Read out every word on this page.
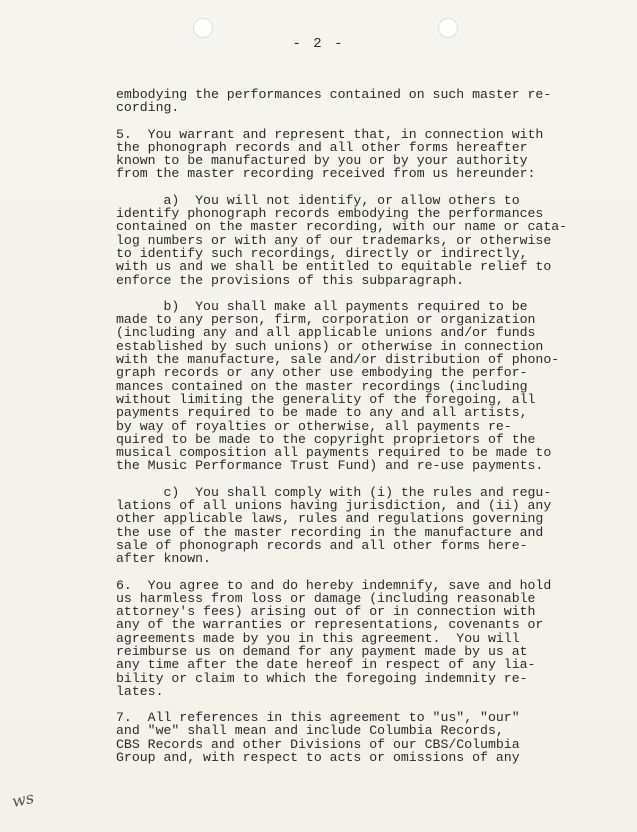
- 2 -
embodying the performances contained on such master re-
cording.
5.  You warrant and represent that, in connection with
the phonograph records and all other forms hereafter
known to be manufactured by you or by your authority
from the master recording received from us hereunder:
a)  You will not identify, or allow others to
identify phonograph records embodying the performances
contained on the master recording, with our name or cata-
log numbers or with any of our trademarks, or otherwise
to identify such recordings, directly or indirectly,
with us and we shall be entitled to equitable relief to
enforce the provisions of this subparagraph.
b)  You shall make all payments required to be
made to any person, firm, corporation or organization
(including any and all applicable unions and/or funds
established by such unions) or otherwise in connection
with the manufacture, sale and/or distribution of phono-
graph records or any other use embodying the perfor-
mances contained on the master recordings (including
without limiting the generality of the foregoing, all
payments required to be made to any and all artists,
by way of royalties or otherwise, all payments re-
quired to be made to the copyright proprietors of the
musical composition all payments required to be made to
the Music Performance Trust Fund) and re-use payments.
c)  You shall comply with (i) the rules and regu-
lations of all unions having jurisdiction, and (ii) any
other applicable laws, rules and regulations governing
the use of the master recording in the manufacture and
sale of phonograph records and all other forms here-
after known.
6.  You agree to and do hereby indemnify, save and hold
us harmless from loss or damage (including reasonable
attorney's fees) arising out of or in connection with
any of the warranties or representations, covenants or
agreements made by you in this agreement.  You will
reimburse us on demand for any payment made by us at
any time after the date hereof in respect of any lia-
bility or claim to which the foregoing indemnity re-
lates.
7.  All references in this agreement to "us", "our"
and "we" shall mean and include Columbia Records,
CBS Records and other Divisions of our CBS/Columbia
Group and, with respect to acts or omissions of any
ws
